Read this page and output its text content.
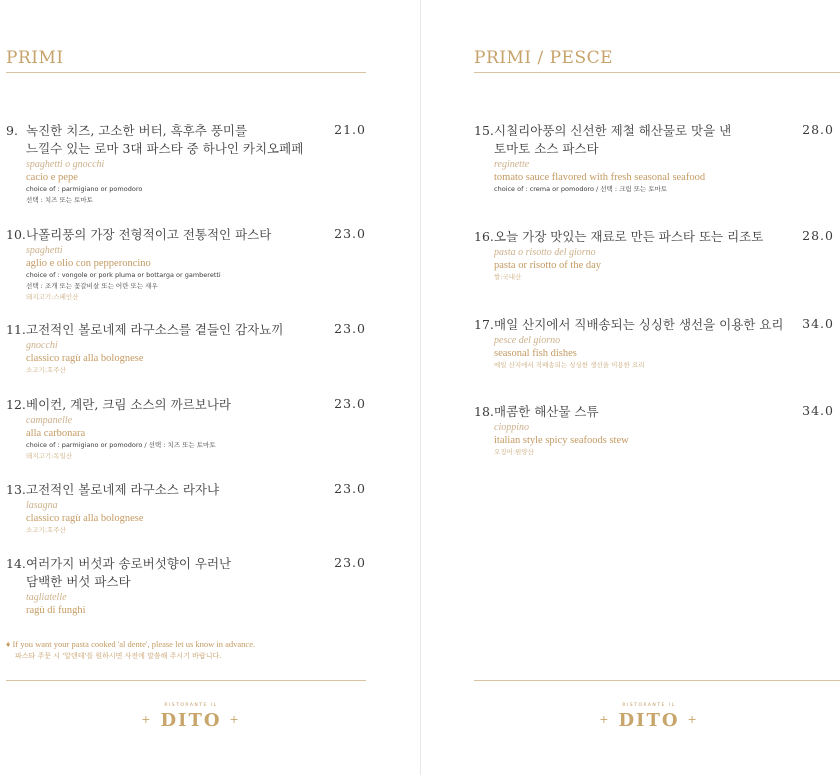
PRIMI
9. 녹진한 치즈, 고소한 버터, 흑후추 풍미를
느낄수 있는 로마 3대 파스타 중 하나인 카치오페페
spaghetti o gnocchi
cacio e pepe
choice of : parmigiano or pomodoro
선택 : 치즈 또는 토마토
21.0
10. 나폴리풍의 가장 전형적이고 전통적인 파스타
spaghetti
aglio e olio con pepperoncino
choice of : vongole or pork pluma or bottarga or gamberetti
선택 : 조개 또는 꽃갈비살 또는 어란 또는 새우
돼지고기:스페인산
23.0
11. 고전적인 볼로네제 라구소스를 곁들인 감자뇨끼
gnocchi
classico ragù alla bolognese
소고기:호주산
23.0
12. 베이컨, 계란, 크림 소스의 까르보나라
campanelle
alla carbonara
choice of : parmigiano or pomodoro / 선택 : 치즈 또는 토마토
돼지고기:독일산
23.0
13. 고전적인 볼로네제 라구소스 라자냐
lasagna
classico ragù alla bolognese
소고기:호주산
23.0
14. 여러가지 버섯과 송로버섯향이 우러난
담백한 버섯 파스타
tagliatelle
ragù di funghi
23.0
♦ If you want your pasta cooked 'al dente', please let us know in advance.
파스타 주문 시 '알덴테'를 원하시면 사전에 말씀해 주시기 바랍니다.
RISTORANTE IL
+ DITO +
PRIMI / PESCE
15. 시칠리아풍의 신선한 제철 해산물로 맛을 낸
토마토 소스 파스타
reginette
tomato sauce flavored with fresh seasonal seafood
choice of : crema or pomodoro / 선택 : 크림 또는 토마토
28.0
16. 오늘 가장 맛있는 재료로 만든 파스타 또는 리조토
pasta o risotto del giorno
pasta or risotto of the day
쌀:국내산
28.0
17. 매일 산지에서 직배송되는 싱싱한 생선을 이용한 요리
pesce del giorno
seasonal fish dishes
매일 산지에서 직배송되는 싱싱한 생선을 이용한 요리
34.0
18. 매콤한 해산물 스튜
cioppino
italian style spicy seafoods stew
오징어:원양산
34.0
RISTORANTE IL
+ DITO +
